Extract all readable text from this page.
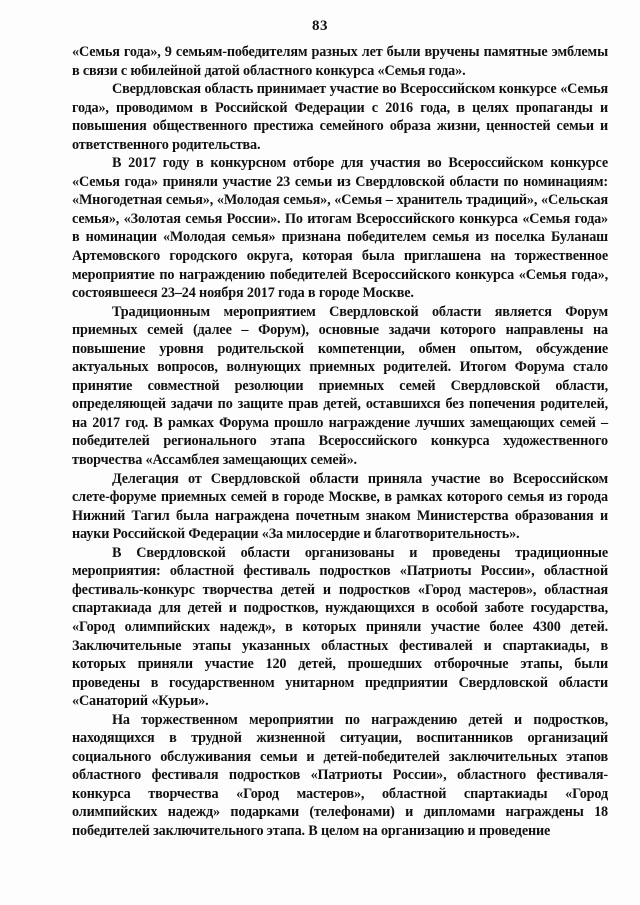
83

«Семья года», 9 семьям-победителям разных лет были вручены памятные эмблемы в связи с юбилейной датой областного конкурса «Семья года».

Свердловская область принимает участие во Всероссийском конкурсе «Семья года», проводимом в Российской Федерации с 2016 года, в целях пропаганды и повышения общественного престижа семейного образа жизни, ценностей семьи и ответственного родительства.

В 2017 году в конкурсном отборе для участия во Всероссийском конкурсе «Семья года» приняли участие 23 семьи из Свердловской области по номинациям: «Многодетная семья», «Молодая семья», «Семья – хранитель традиций», «Сельская семья», «Золотая семья России». По итогам Всероссийского конкурса «Семья года» в номинации «Молодая семья» признана победителем семья из поселка Буланаш Артемовского городского округа, которая была приглашена на торжественное мероприятие по награждению победителей Всероссийского конкурса «Семья года», состоявшееся 23–24 ноября 2017 года в городе Москве.

Традиционным мероприятием Свердловской области является Форум приемных семей (далее – Форум), основные задачи которого направлены на повышение уровня родительской компетенции, обмен опытом, обсуждение актуальных вопросов, волнующих приемных родителей. Итогом Форума стало принятие совместной резолюции приемных семей Свердловской области, определяющей задачи по защите прав детей, оставшихся без попечения родителей, на 2017 год. В рамках Форума прошло награждение лучших замещающих семей – победителей регионального этапа Всероссийского конкурса художественного творчества «Ассамблея замещающих семей».

Делегация от Свердловской области приняла участие во Всероссийском слете-форуме приемных семей в городе Москве, в рамках которого семья из города Нижний Тагил была награждена почетным знаком Министерства образования и науки Российской Федерации «За милосердие и благотворительность».

В Свердловской области организованы и проведены традиционные мероприятия: областной фестиваль подростков «Патриоты России», областной фестиваль-конкурс творчества детей и подростков «Город мастеров», областная спартакиада для детей и подростков, нуждающихся в особой заботе государства, «Город олимпийских надежд», в которых приняли участие более 4300 детей. Заключительные этапы указанных областных фестивалей и спартакиады, в которых приняли участие 120 детей, прошедших отборочные этапы, были проведены в государственном унитарном предприятии Свердловской области «Санаторий «Курьи».

На торжественном мероприятии по награждению детей и подростков, находящихся в трудной жизненной ситуации, воспитанников организаций социального обслуживания семьи и детей-победителей заключительных этапов областного фестиваля подростков «Патриоты России», областного фестиваля-конкурса творчества «Город мастеров», областной спартакиады «Город олимпийских надежд» подарками (телефонами) и дипломами награждены 18 победителей заключительного этапа. В целом на организацию и проведение
